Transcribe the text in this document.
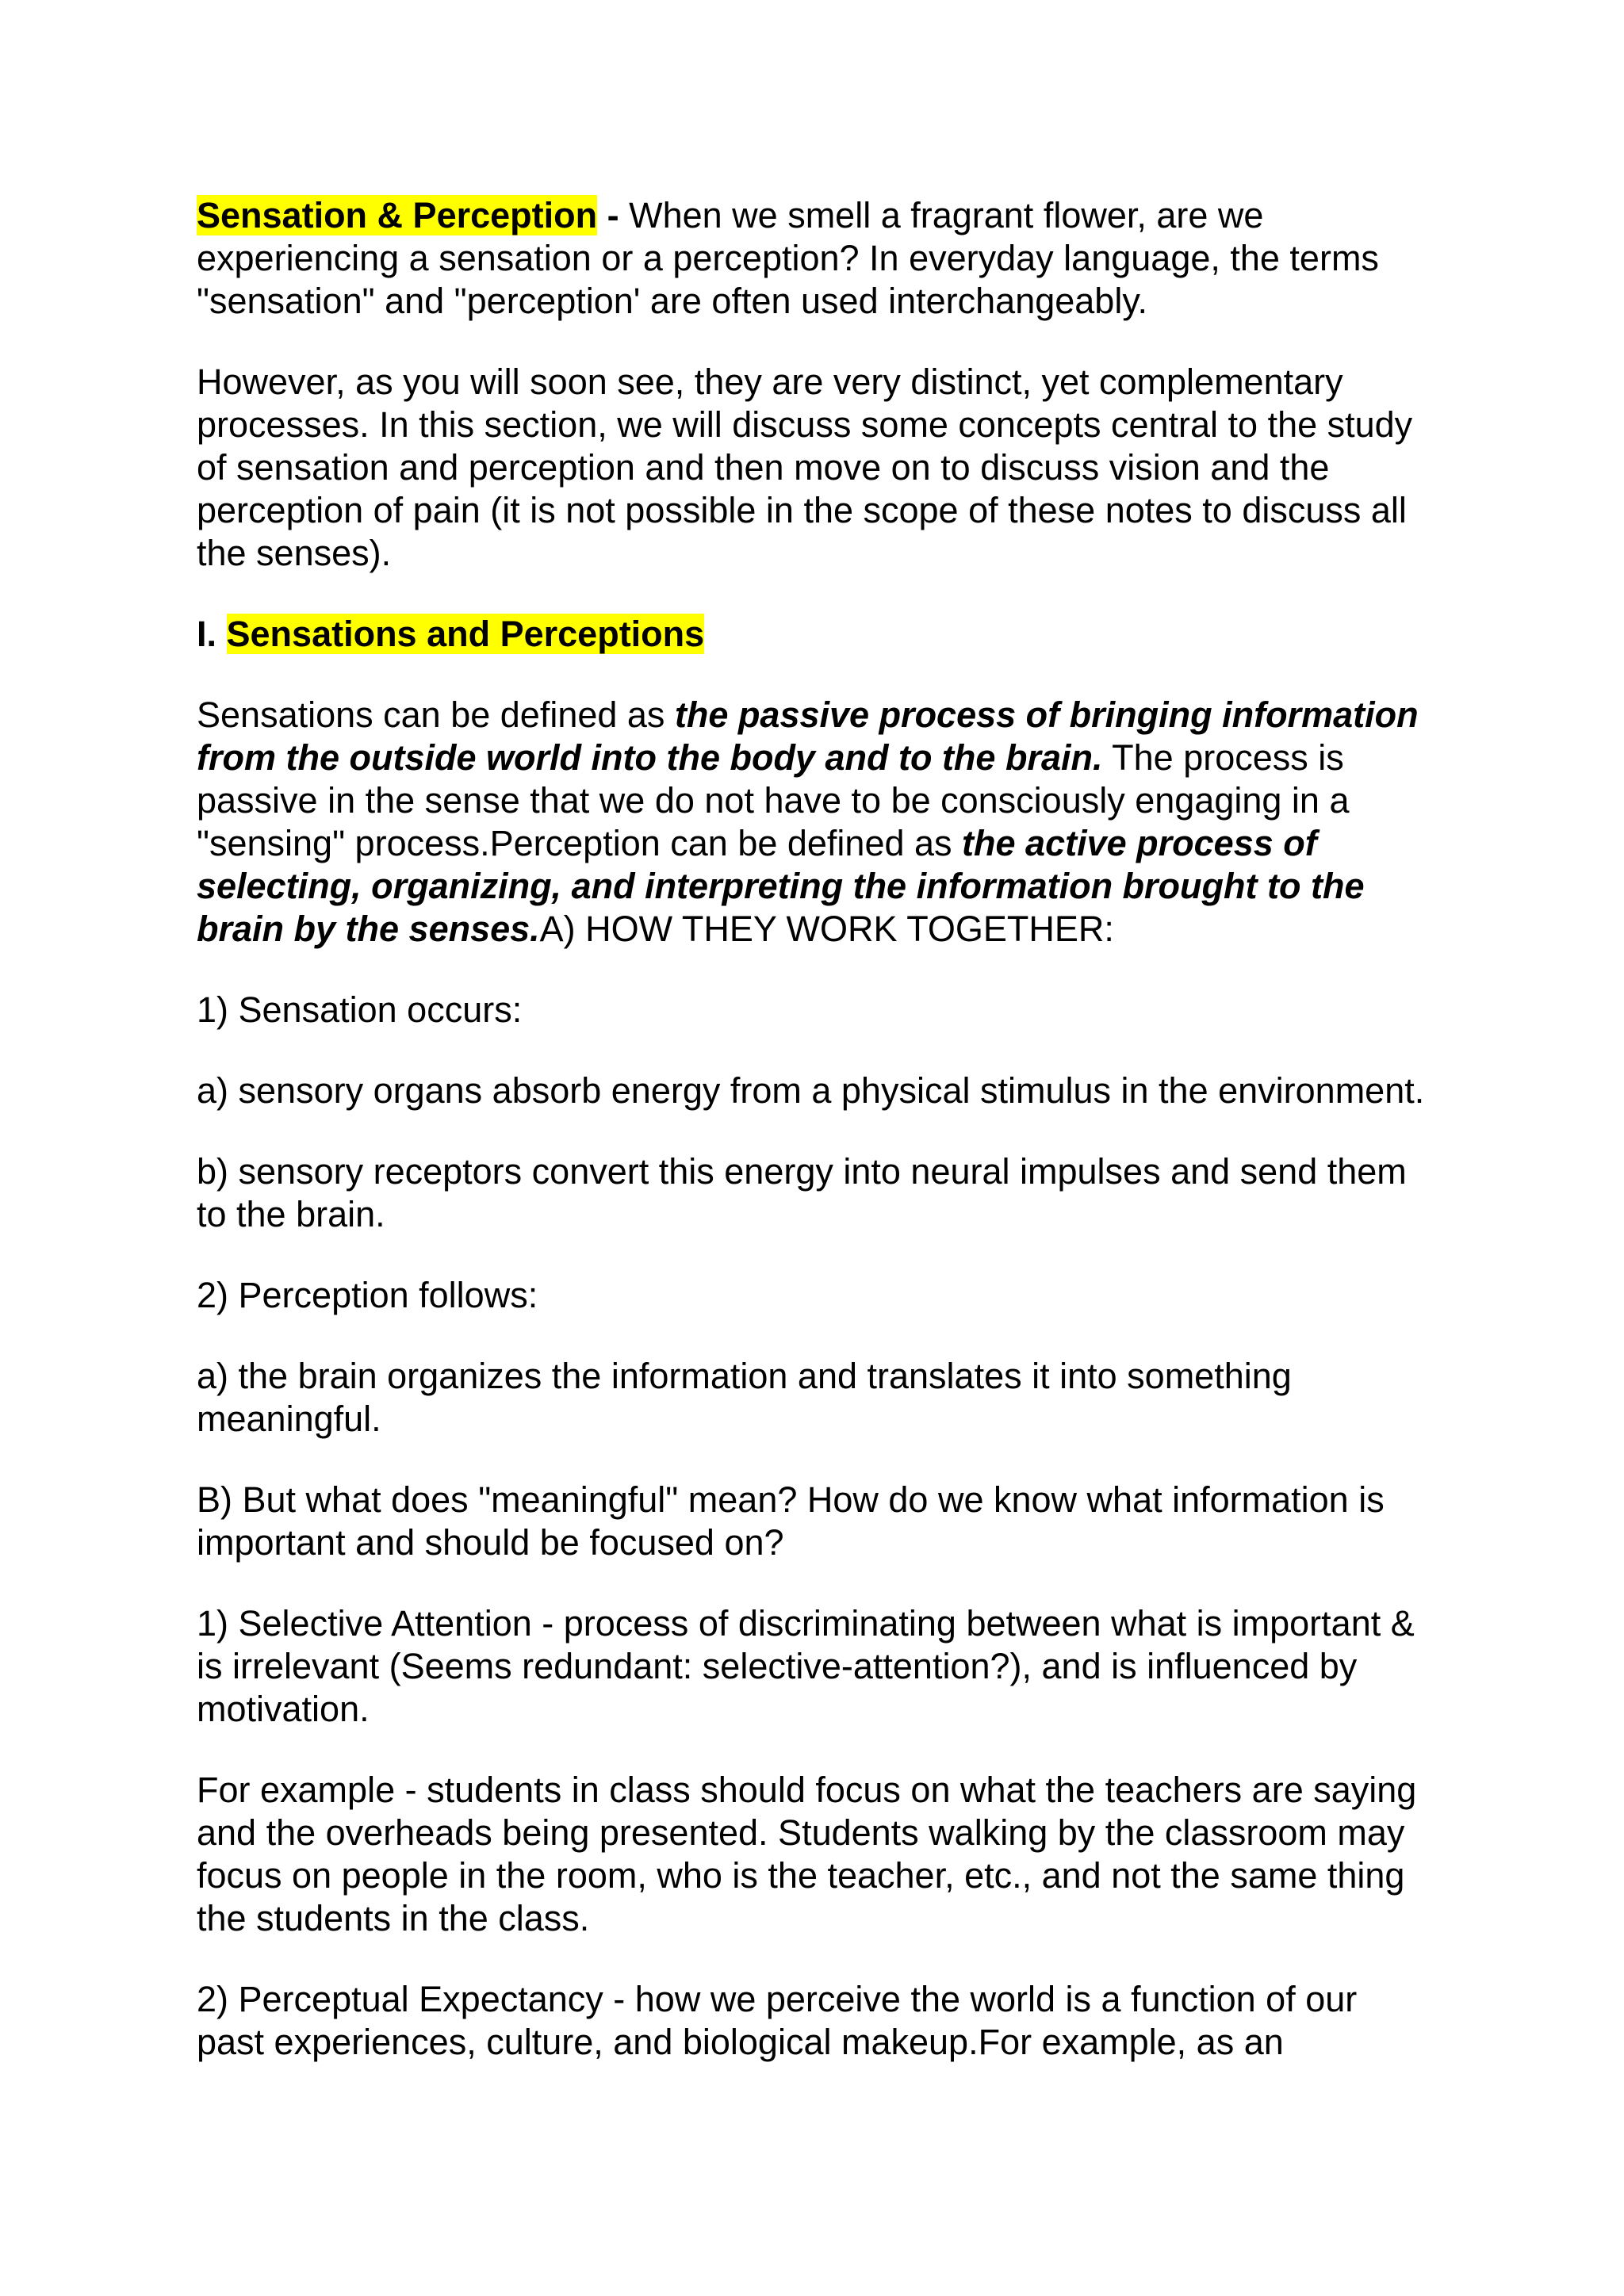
Sensation & Perception - When we smell a fragrant flower, are we experiencing a sensation or a perception? In everyday language, the terms "sensation" and "perception' are often used interchangeably.

However, as you will soon see, they are very distinct, yet complementary processes. In this section, we will discuss some concepts central to the study of sensation and perception and then move on to discuss vision and the perception of pain (it is not possible in the scope of these notes to discuss all the senses).

I. Sensations and Perceptions

Sensations can be defined as the passive process of bringing information from the outside world into the body and to the brain. The process is passive in the sense that we do not have to be consciously engaging in a "sensing" process.Perception can be defined as the active process of selecting, organizing, and interpreting the information brought to the brain by the senses.A) HOW THEY WORK TOGETHER:

1) Sensation occurs:

a) sensory organs absorb energy from a physical stimulus in the environment.

b) sensory receptors convert this energy into neural impulses and send them to the brain.

2) Perception follows:

a) the brain organizes the information and translates it into something meaningful.

B) But what does "meaningful" mean? How do we know what information is important and should be focused on?

1) Selective Attention - process of discriminating between what is important & is irrelevant (Seems redundant: selective-attention?), and is influenced by motivation.

For example - students in class should focus on what the teachers are saying and the overheads being presented. Students walking by the classroom may focus on people in the room, who is the teacher, etc., and not the same thing the students in the class.

2) Perceptual Expectancy - how we perceive the world is a function of our past experiences, culture, and biological makeup.For example, as an
